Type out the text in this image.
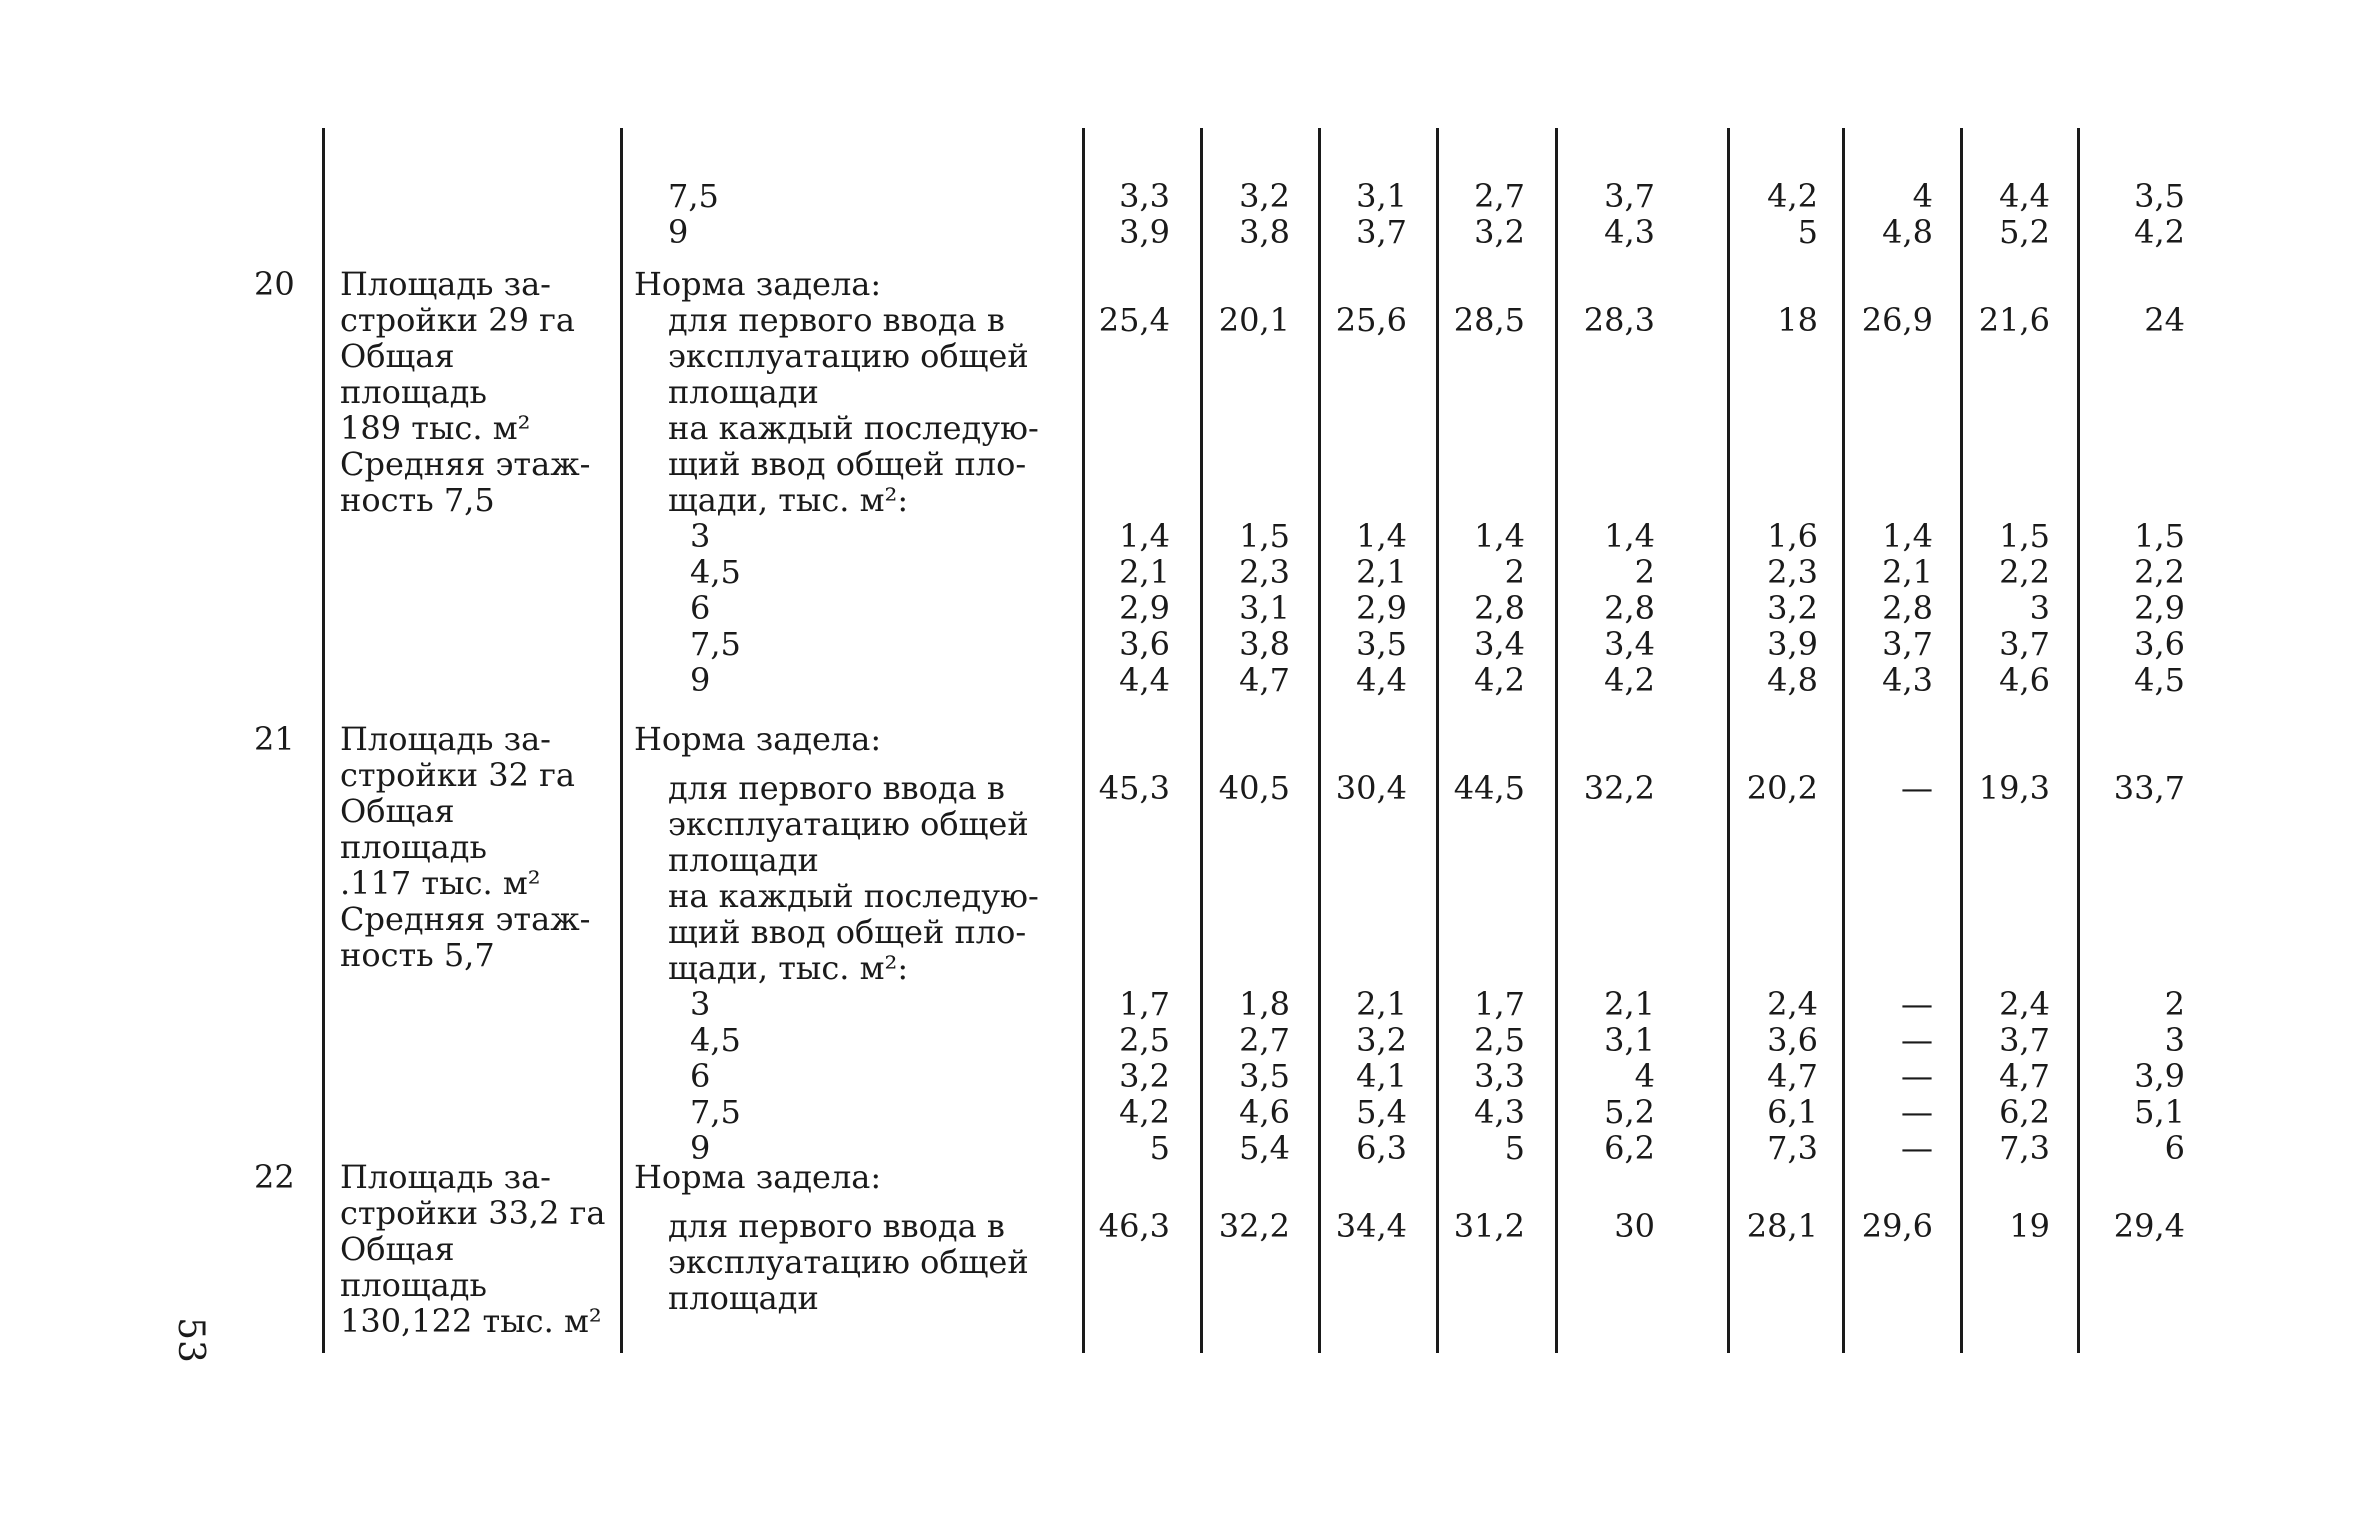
53
7,5
9
3,3
3,9
3,2
3,8
3,1
3,7
2,7
3,2
3,7
4,3
4,2
5
4
4,8
4,4
5,2
3,5
4,2
20 Площадь за-
стройки 29 га
Общая
площадь
189 тыс. м²
Средняя этаж-
ность 7,5
Норма задела:
для первого ввода в
эксплуатацию общей
площади
на каждый последую-
щий ввод общей пло-
щади, тыс. м²:
3
4,5
6
7,5
9
25,4
1,4
2,1
2,9
3,6
4,4
20,1
1,5
2,3
3,1
3,8
4,7
25,6
1,4
2,1
2,9
3,5
4,4
28,5
1,4
2
2,8
3,4
4,2
28,3
1,4
2
2,8
3,4
4,2
18
1,6
2,3
3,2
3,9
4,8
26,9
1,4
2,1
2,8
3,7
4,3
21,6
1,5
2,2
3
3,7
4,6
24
1,5
2,2
2,9
3,6
4,5
21 Площадь за-
стройки 32 га
Общая
площадь
.117 тыс. м²
Средняя этаж-
ность 5,7
Норма задела:
для первого ввода в
эксплуатацию общей
площади
на каждый последую-
щий ввод общей пло-
щади, тыс. м²:
3
4,5
6
7,5
9
45,3
1,7
2,5
3,2
4,2
5
40,5
1,8
2,7
3,5
4,6
5,4
30,4
2,1
3,2
4,1
5,4
6,3
44,5
1,7
2,5
3,3
4,3
5
32,2
2,1
3,1
4
5,2
6,2
20,2
2,4
3,6
4,7
6,1
7,3
—
—
—
—
—
—
19,3
2,4
3,7
4,7
6,2
7,3
33,7
2
3
3,9
5,1
6
22 Площадь за-
стройки 33,2 га
Общая
площадь
130,122 тыс. м²
Норма задела:
для первого ввода в
эксплуатацию общей
площади
46,3 32,2 34,4 31,2	30	28,1 29,6 19 29,4
